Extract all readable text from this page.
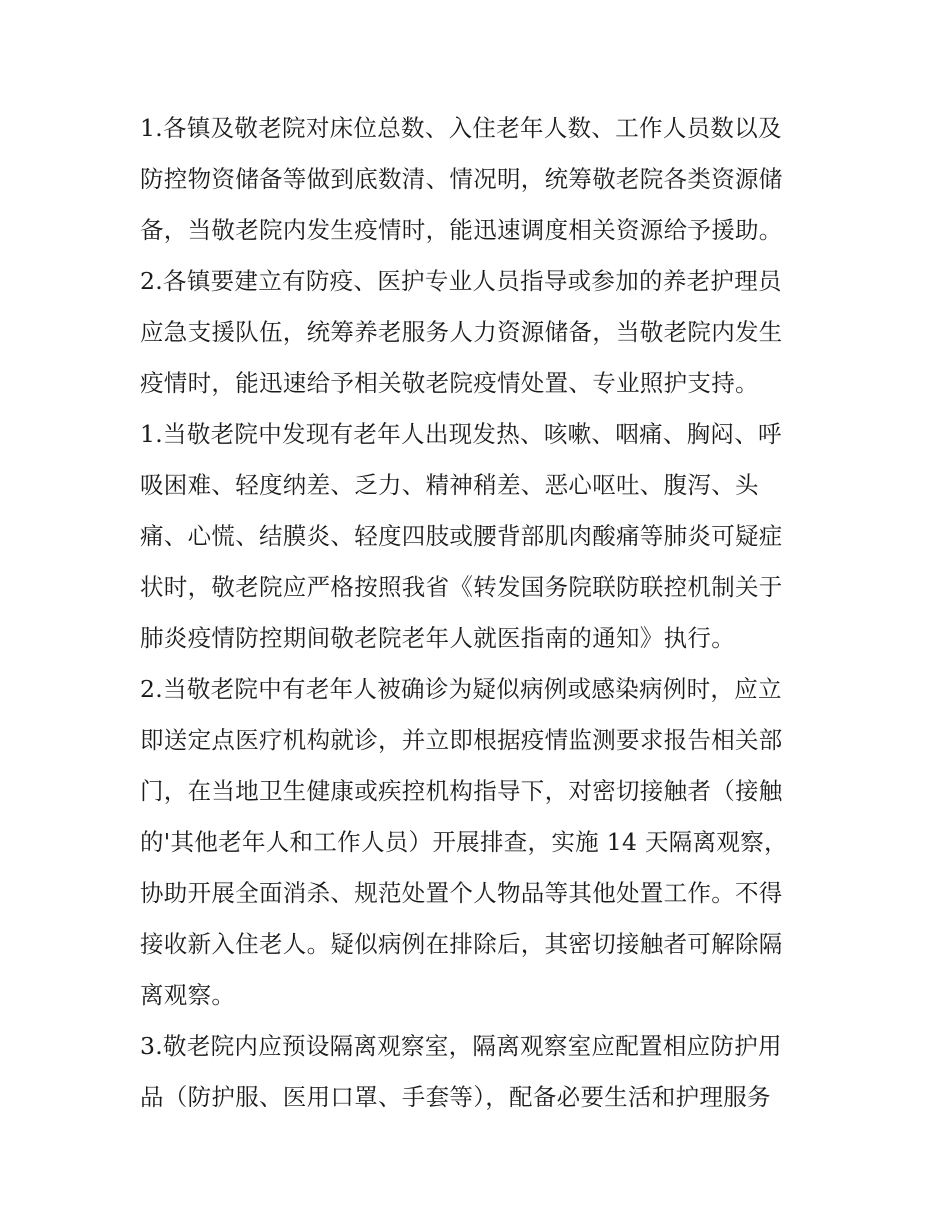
1.各镇及敬老院对床位总数、入住老年人数、工作人员数以及
防控物资储备等做到底数清、情况明，统筹敬老院各类资源储
备，当敬老院内发生疫情时，能迅速调度相关资源给予援助。
2.各镇要建立有防疫、医护专业人员指导或参加的养老护理员
应急支援队伍，统筹养老服务人力资源储备，当敬老院内发生
疫情时，能迅速给予相关敬老院疫情处置、专业照护支持。
1.当敬老院中发现有老年人出现发热、咳嗽、咽痛、胸闷、呼
吸困难、轻度纳差、乏力、精神稍差、恶心呕吐、腹泻、头
痛、心慌、结膜炎、轻度四肢或腰背部肌肉酸痛等肺炎可疑症
状时，敬老院应严格按照我省《转发国务院联防联控机制关于
肺炎疫情防控期间敬老院老年人就医指南的通知》执行。
2.当敬老院中有老年人被确诊为疑似病例或感染病例时，应立
即送定点医疗机构就诊，并立即根据疫情监测要求报告相关部
门，在当地卫生健康或疾控机构指导下，对密切接触者（接触
的'其他老年人和工作人员）开展排查，实施 14 天隔离观察，
协助开展全面消杀、规范处置个人物品等其他处置工作。不得
接收新入住老人。疑似病例在排除后，其密切接触者可解除隔
离观察。
3.敬老院内应预设隔离观察室，隔离观察室应配置相应防护用
品（防护服、医用口罩、手套等），配备必要生活和护理服务
